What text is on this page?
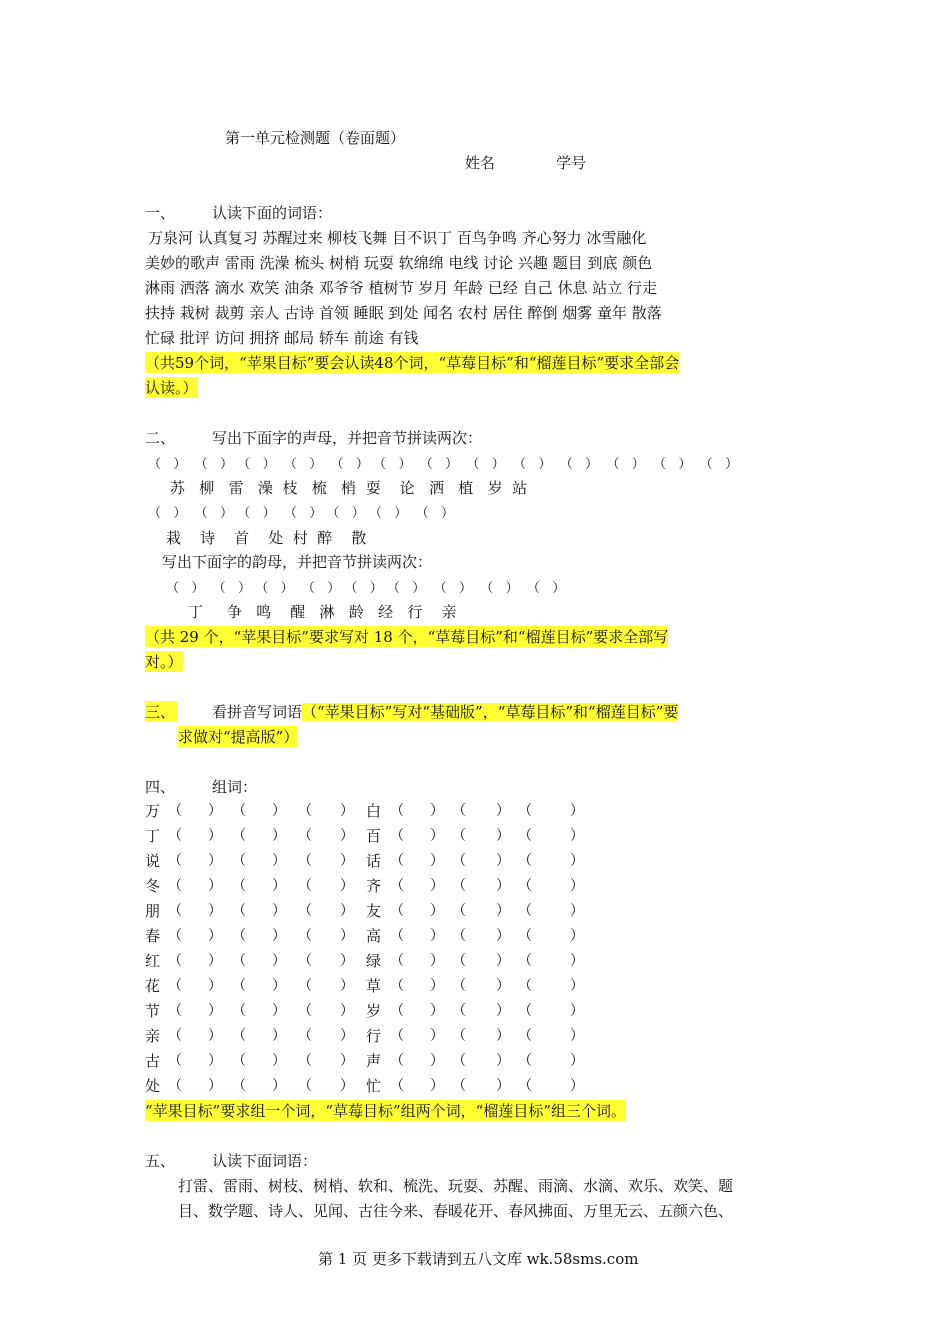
第一单元检测题（卷面题）
姓名	学号
一、 认读下面的词语：
万泉河 认真复习 苏醒过来 柳枝飞舞 目不识丁 百鸟争鸣 齐心努力 冰雪融化
美妙的歌声 雷雨 洗澡 梳头 树梢 玩耍 软绵绵 电线 讨论 兴趣 题目 到底 颜色
淋雨 洒落 滴水 欢笑 油条 邓爷爷 植树节 岁月 年龄 已经 自己 休息 站立 行走
扶持 栽树 裁剪 亲人 古诗 首领 睡眠 到处 闻名 农村 居住 醉倒 烟雾 童年 散落
忙碌 批评 访问 拥挤 邮局 轿车 前途 有钱
（共59个词，“苹果目标”要会认读48个词，“草莓目标”和“榴莲目标”要求全部会
认读。）
二、 写出下面字的声母，并把音节拼读两次：
（   ）  （   ） （   ）  （   ）  （   ） （   ）  （   ）  （   ）  （   ）  （   ）  （   ）  （   ）  （   ）
苏   柳   雷   澡  枝   梳   梢  耍    论   洒   植   岁  站
（   ）  （   ） （   ）  （   ） （   ） （   ）  （   ）
栽    诗    首    处  村  醉    散
写出下面字的韵母，并把音节拼读两次：
（   ）  （   ） （   ）  （   ） （   ） （   ）  （   ）  （   ）  （   ）
丁     争   鸣    醒   淋   龄   经   行    亲
（共 29 个，“苹果目标”要求写对 18 个，“草莓目标”和“榴莲目标”要求全部写
对。）
三、 看拼音写词语（“苹果目标”写对“基础版”，“草莓目标”和“榴莲目标”要
求做对“提高版”）
四、 组词：
万	白
（ ） （ ） （ ）	（ ） （ ） （	）
丁	百
（ ） （ ） （ ）	（ ） （ ） （	）
说	话
（ ） （ ） （ ）	（ ） （ ） （	）
冬	齐
（ ） （ ） （ ）	（ ） （ ） （	）
朋	友
（ ） （ ） （ ）	（ ） （ ） （	）
春	高
（ ） （ ） （ ）	（ ） （ ） （	）
红	绿
（ ） （ ） （ ）	（ ） （ ） （	）
花	草
（ ） （ ） （ ）	（ ） （ ） （	）
节	岁
（ ） （ ） （ ）	（ ） （ ） （	）
亲	行
（ ） （ ） （ ）	（ ） （ ） （	）
古	声
（ ） （ ） （ ）	（ ） （ ） （	）
处	忙
（ ） （ ） （ ）	（ ） （ ） （	）
“苹果目标”要求组一个词，“草莓目标”组两个词，“榴莲目标”组三个词。
五、 认读下面词语：
打雷、雷雨、树枝、树梢、软和、梳洗、玩耍、苏醒、雨滴、水滴、欢乐、欢笑、题
目、数学题、诗人、见闻、古往今来、春暖花开、春风拂面、万里无云、五颜六色、
第 1 页 更多下载请到五八文库 wk.58sms.com
